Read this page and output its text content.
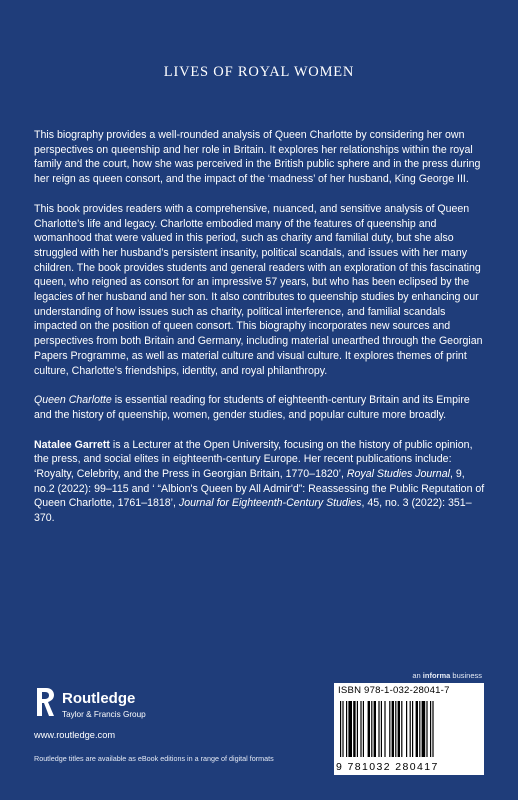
LIVES OF ROYAL WOMEN

This biography provides a well-rounded analysis of Queen Charlotte by considering her own perspectives on queenship and her role in Britain. It explores her relationships within the royal family and the court, how she was perceived in the British public sphere and in the press during her reign as queen consort, and the impact of the ‘madness’ of her husband, King George III.

This book provides readers with a comprehensive, nuanced, and sensitive analysis of Queen Charlotte’s life and legacy. Charlotte embodied many of the features of queenship and womanhood that were valued in this period, such as charity and familial duty, but she also struggled with her husband’s persistent insanity, political scandals, and issues with her many children. The book provides students and general readers with an exploration of this fascinating queen, who reigned as consort for an impressive 57 years, but who has been eclipsed by the legacies of her husband and her son. It also contributes to queenship studies by enhancing our understanding of how issues such as charity, political interference, and familial scandals impacted on the position of queen consort. This biography incorporates new sources and perspectives from both Britain and Germany, including material unearthed through the Georgian Papers Programme, as well as material culture and visual culture. It explores themes of print culture, Charlotte’s friendships, identity, and royal philanthropy.

Queen Charlotte is essential reading for students of eighteenth-century Britain and its Empire and the history of queenship, women, gender studies, and popular culture more broadly.

Natalee Garrett is a Lecturer at the Open University, focusing on the history of public opinion, the press, and social elites in eighteenth-century Europe. Her recent publications include: ‘Royalty, Celebrity, and the Press in Georgian Britain, 1770–1820’, Royal Studies Journal, 9, no.2 (2022): 99–115 and ‘ “Albion's Queen by All Admir'd”: Reassessing the Public Reputation of Queen Charlotte, 1761–1818’, Journal for Eighteenth-Century Studies, 45, no. 3 (2022): 351–370.

an informa business
Routledge
Taylor & Francis Group
www.routledge.com
ISBN 978-1-032-28041-7
9 781032 280417
Routledge titles are available as eBook editions in a range of digital formats
